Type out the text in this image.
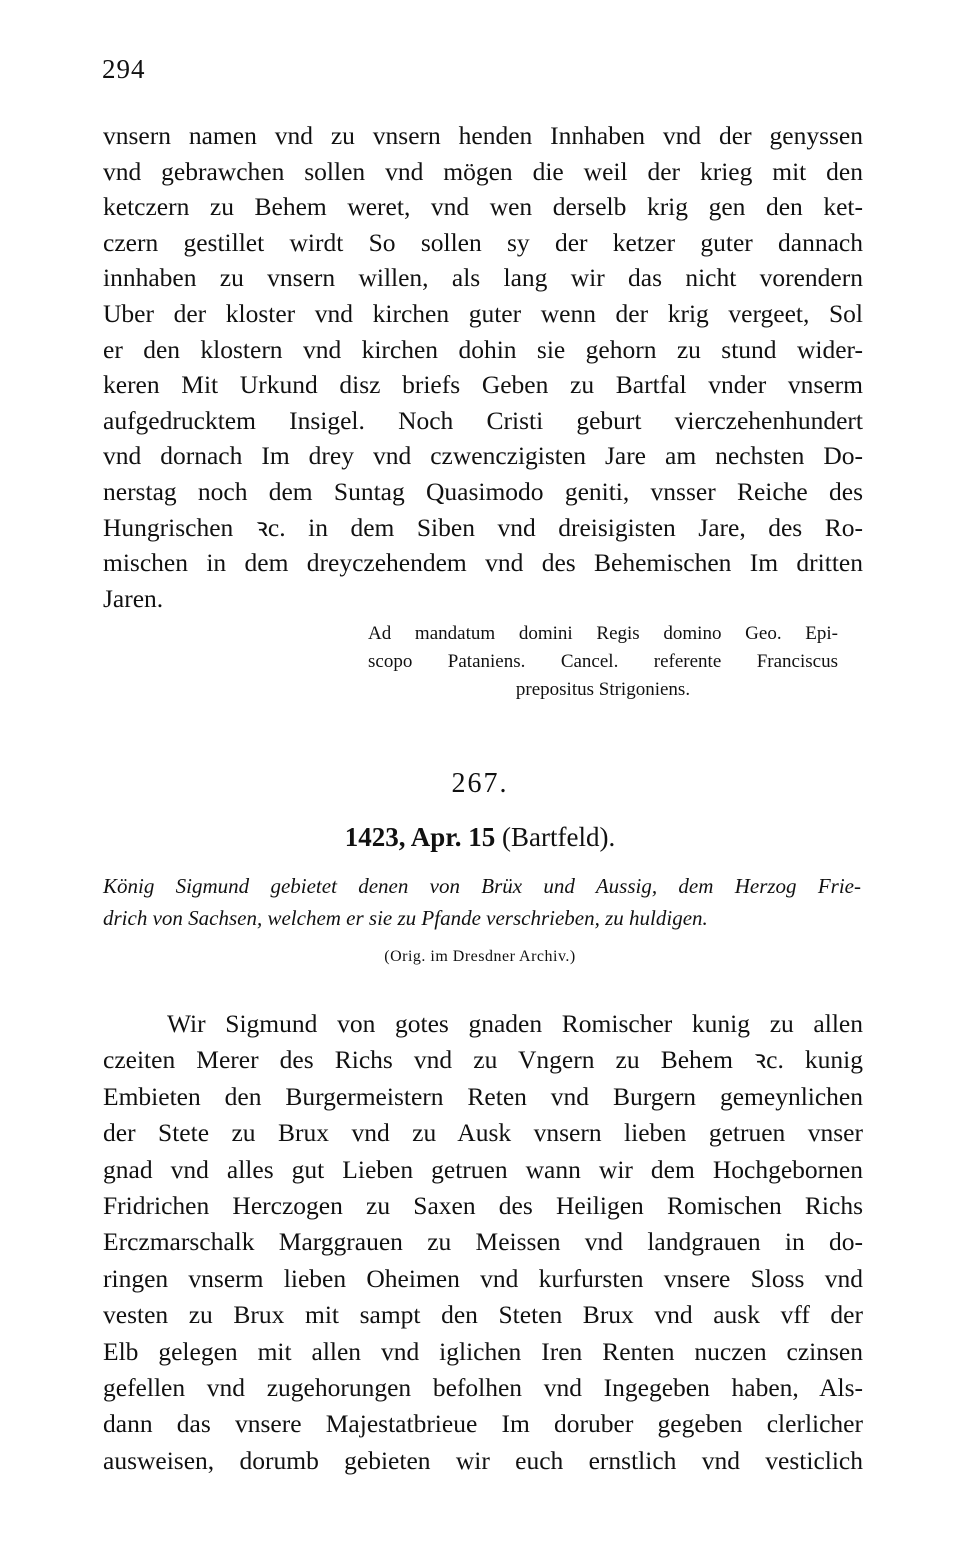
294
vnsern namen vnd zu vnsern henden Innhaben vnd der genyssen
vnd gebrawchen sollen vnd mögen die weil der krieg mit den
ketczern zu Behem weret, vnd wen derselb krig gen den ket-
czern gestillet wirdt So sollen sy der ketzer guter dannach
innhaben zu vnsern willen, als lang wir das nicht vorendern
Uber der kloster vnd kirchen guter wenn der krig vergeet, Sol
er den klostern vnd kirchen dohin sie gehorn zu stund wider-
keren Mit Urkund disz briefs Geben zu Bartfal vnder vnserm
aufgedrucktem Insigel. Noch Cristi geburt vierczehenhundert
vnd dornach Im drey vnd czwenczigisten Jare am nechsten Do-
nerstag noch dem Suntag Quasimodo geniti, vnsser Reiche des
Hungrischen ꝛc. in dem Siben vnd dreisigisten Jare, des Ro-
mischen in dem dreyczehendem vnd des Behemischen Im dritten
Jaren.
Ad mandatum domini Regis domino Geo. Epi-
scopo Pataniens. Cancel. referente Franciscus
prepositus Strigoniens.
267.
1423, Apr. 15 (Bartfeld).
König Sigmund gebietet denen von Brüx und Aussig, dem Herzog Frie-
drich von Sachsen, welchem er sie zu Pfande verschrieben, zu huldigen.
(Orig. im Dresdner Archiv.)
Wir Sigmund von gotes gnaden Romischer kunig zu allen
czeiten Merer des Richs vnd zu Vngern zu Behem ꝛc. kunig
Embieten den Burgermeistern Reten vnd Burgern gemeynlichen
der Stete zu Brux vnd zu Ausk vnsern lieben getruen vnser
gnad vnd alles gut Lieben getruen wann wir dem Hochgebornen
Fridrichen Herczogen zu Saxen des Heiligen Romischen Richs
Erczmarschalk Marggrauen zu Meissen vnd landgrauen in do-
ringen vnserm lieben Oheimen vnd kurfursten vnsere Sloss vnd
vesten zu Brux mit sampt den Steten Brux vnd ausk vff der
Elb gelegen mit allen vnd iglichen Iren Renten nuczen czinsen
gefellen vnd zugehorungen befolhen vnd Ingegeben haben, Als-
dann das vnsere Majestatbrieue Im doruber gegeben clerlicher
ausweisen, dorumb gebieten wir euch ernstlich vnd vesticlich
